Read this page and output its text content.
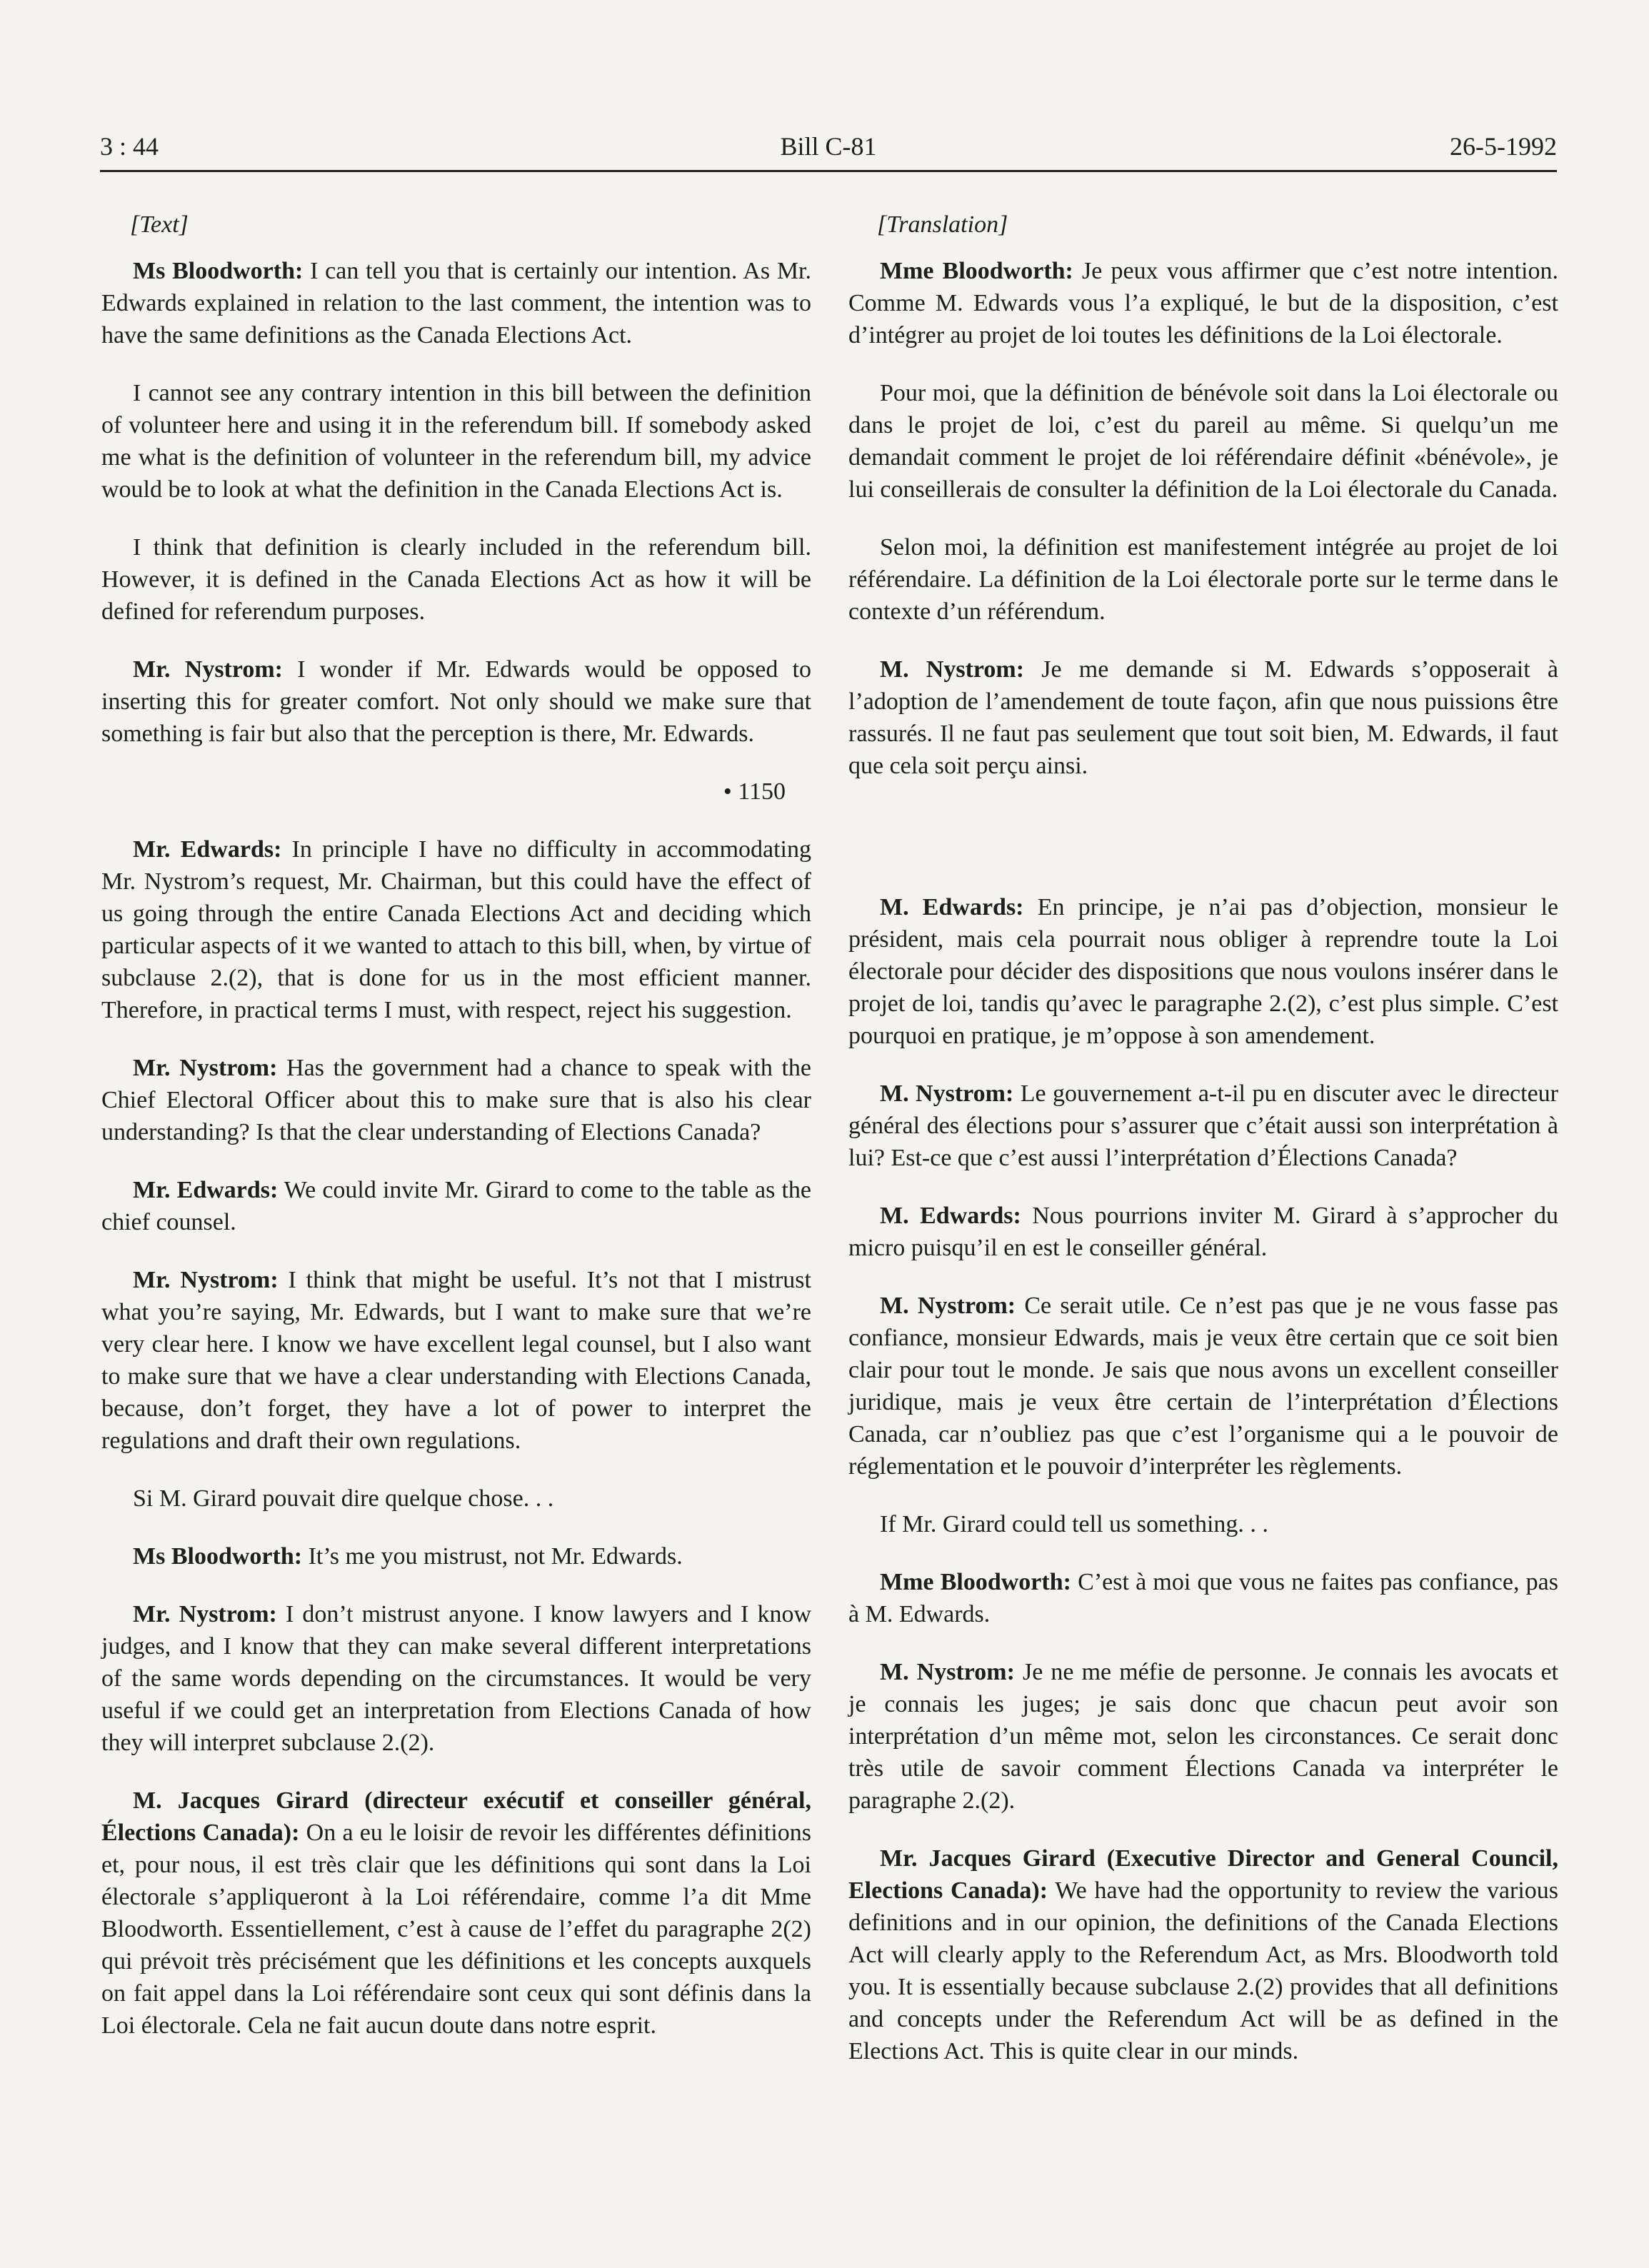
3 : 44	Bill C-81	26-5-1992
[Text]

Ms Bloodworth: I can tell you that is certainly our intention. As Mr. Edwards explained in relation to the last comment, the intention was to have the same definitions as the Canada Elections Act.

I cannot see any contrary intention in this bill between the definition of volunteer here and using it in the referendum bill. If somebody asked me what is the definition of volunteer in the referendum bill, my advice would be to look at what the definition in the Canada Elections Act is.

I think that definition is clearly included in the referendum bill. However, it is defined in the Canada Elections Act as how it will be defined for referendum purposes.

Mr. Nystrom: I wonder if Mr. Edwards would be opposed to inserting this for greater comfort. Not only should we make sure that something is fair but also that the perception is there, Mr. Edwards.

• 1150

Mr. Edwards: In principle I have no difficulty in accommodating Mr. Nystrom’s request, Mr. Chairman, but this could have the effect of us going through the entire Canada Elections Act and deciding which particular aspects of it we wanted to attach to this bill, when, by virtue of subclause 2.(2), that is done for us in the most efficient manner. Therefore, in practical terms I must, with respect, reject his suggestion.

Mr. Nystrom: Has the government had a chance to speak with the Chief Electoral Officer about this to make sure that is also his clear understanding? Is that the clear understanding of Elections Canada?

Mr. Edwards: We could invite Mr. Girard to come to the table as the chief counsel.

Mr. Nystrom: I think that might be useful. It’s not that I mistrust what you’re saying, Mr. Edwards, but I want to make sure that we’re very clear here. I know we have excellent legal counsel, but I also want to make sure that we have a clear understanding with Elections Canada, because, don’t forget, they have a lot of power to interpret the regulations and draft their own regulations.

Si M. Girard pouvait dire quelque chose. . .

Ms Bloodworth: It’s me you mistrust, not Mr. Edwards.

Mr. Nystrom: I don’t mistrust anyone. I know lawyers and I know judges, and I know that they can make several different interpretations of the same words depending on the circumstances. It would be very useful if we could get an interpretation from Elections Canada of how they will interpret subclause 2.(2).

M. Jacques Girard (directeur exécutif et conseiller général, Élections Canada): On a eu le loisir de revoir les différentes définitions et, pour nous, il est très clair que les définitions qui sont dans la Loi électorale s’appliqueront à la Loi référendaire, comme l’a dit Mme Bloodworth. Essentiellement, c’est à cause de l’effet du paragraphe 2(2) qui prévoit très précisément que les définitions et les concepts auxquels on fait appel dans la Loi référendaire sont ceux qui sont définis dans la Loi électorale. Cela ne fait aucun doute dans notre esprit.

[Translation]

Mme Bloodworth: Je peux vous affirmer que c’est notre intention. Comme M. Edwards vous l’a expliqué, le but de la disposition, c’est d’intégrer au projet de loi toutes les définitions de la Loi électorale.

Pour moi, que la définition de bénévole soit dans la Loi électorale ou dans le projet de loi, c’est du pareil au même. Si quelqu’un me demandait comment le projet de loi référendaire définit «bénévole», je lui conseillerais de consulter la définition de la Loi électorale du Canada.

Selon moi, la définition est manifestement intégrée au projet de loi référendaire. La définition de la Loi électorale porte sur le terme dans le contexte d’un référendum.

M. Nystrom: Je me demande si M. Edwards s’opposerait à l’adoption de l’amendement de toute façon, afin que nous puissions être rassurés. Il ne faut pas seulement que tout soit bien, M. Edwards, il faut que cela soit perçu ainsi.

M. Edwards: En principe, je n’ai pas d’objection, monsieur le président, mais cela pourrait nous obliger à reprendre toute la Loi électorale pour décider des dispositions que nous voulons insérer dans le projet de loi, tandis qu’avec le paragraphe 2.(2), c’est plus simple. C’est pourquoi en pratique, je m’oppose à son amendement.

M. Nystrom: Le gouvernement a-t-il pu en discuter avec le directeur général des élections pour s’assurer que c’était aussi son interprétation à lui? Est-ce que c’est aussi l’interprétation d’Élections Canada?

M. Edwards: Nous pourrions inviter M. Girard à s’approcher du micro puisqu’il en est le conseiller général.

M. Nystrom: Ce serait utile. Ce n’est pas que je ne vous fasse pas confiance, monsieur Edwards, mais je veux être certain que ce soit bien clair pour tout le monde. Je sais que nous avons un excellent conseiller juridique, mais je veux être certain de l’interprétation d’Élections Canada, car n’oubliez pas que c’est l’organisme qui a le pouvoir de réglementation et le pouvoir d’interpréter les règlements.

If Mr. Girard could tell us something. . .

Mme Bloodworth: C’est à moi que vous ne faites pas confiance, pas à M. Edwards.

M. Nystrom: Je ne me méfie de personne. Je connais les avocats et je connais les juges; je sais donc que chacun peut avoir son interprétation d’un même mot, selon les circonstances. Ce serait donc très utile de savoir comment Élections Canada va interpréter le paragraphe 2.(2).

Mr. Jacques Girard (Executive Director and General Council, Elections Canada): We have had the opportunity to review the various definitions and in our opinion, the definitions of the Canada Elections Act will clearly apply to the Referendum Act, as Mrs. Bloodworth told you. It is essentially because subclause 2.(2) provides that all definitions and concepts under the Referendum Act will be as defined in the Elections Act. This is quite clear in our minds.
